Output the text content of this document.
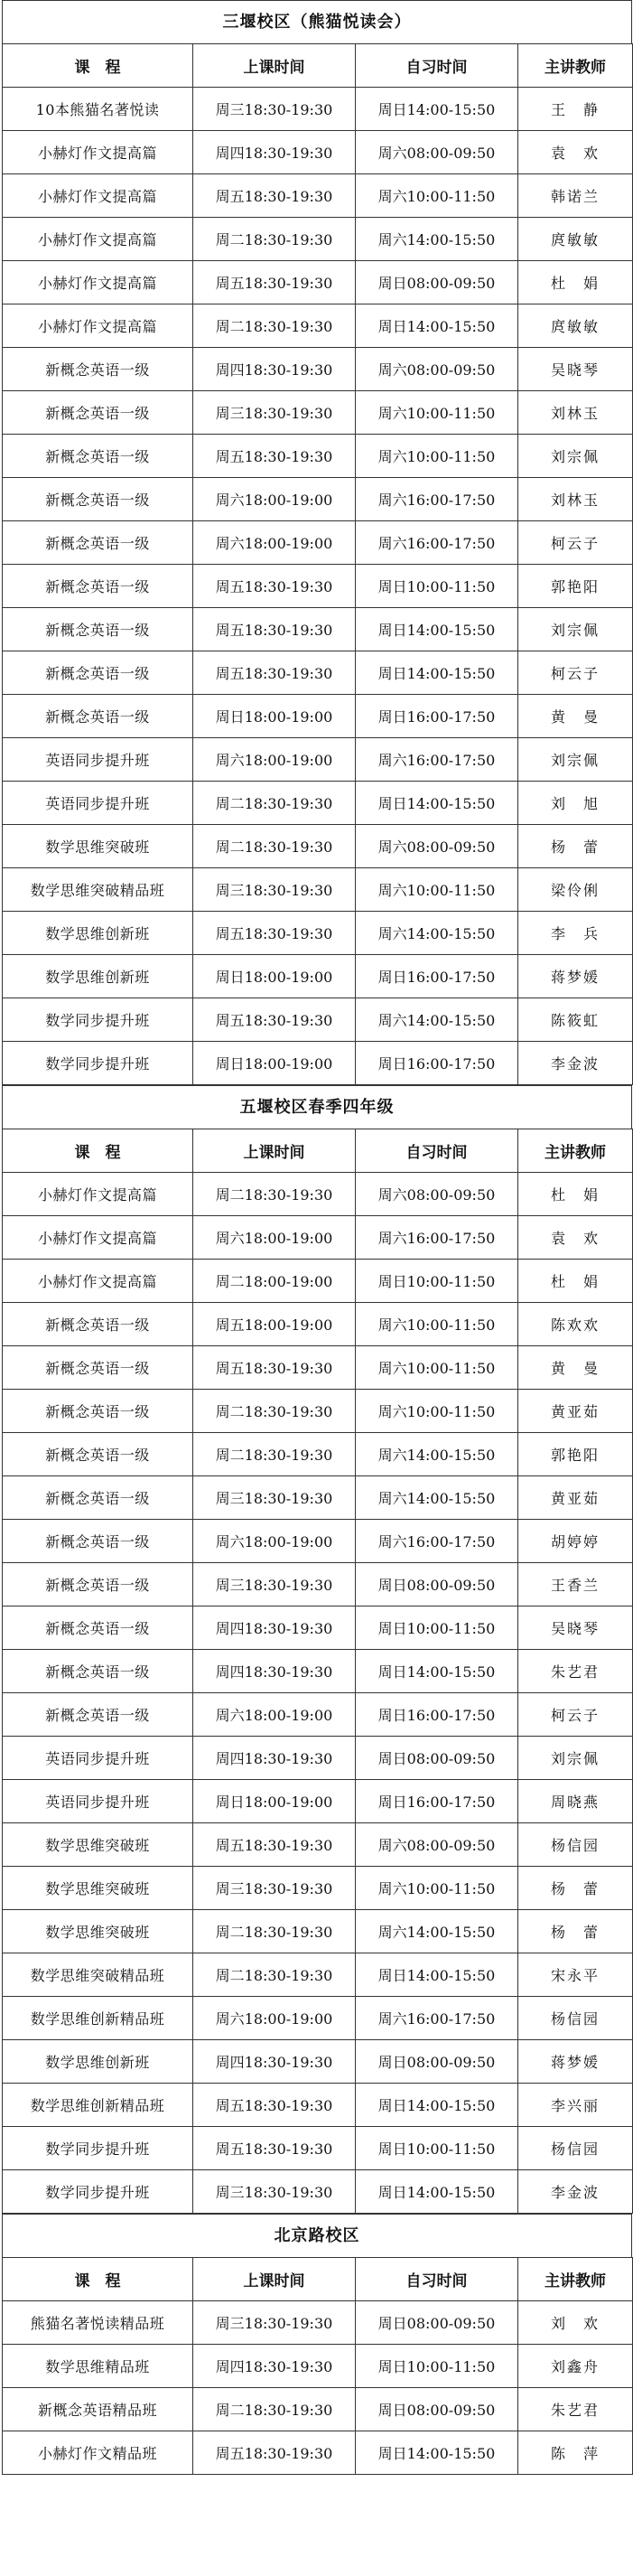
三堰校区（熊猫悦读会）
课　程	上课时间	自习时间	主讲教师
10本熊猫名著悦读	周三18:30-19:30	周日14:00-15:50	王　静
小赫灯作文提高篇	周四18:30-19:30	周六08:00-09:50	袁　欢
小赫灯作文提高篇	周五18:30-19:30	周六10:00-11:50	韩诺兰
小赫灯作文提高篇	周二18:30-19:30	周六14:00-15:50	庹敏敏
小赫灯作文提高篇	周五18:30-19:30	周日08:00-09:50	杜　娟
小赫灯作文提高篇	周二18:30-19:30	周日14:00-15:50	庹敏敏
新概念英语一级	周四18:30-19:30	周六08:00-09:50	吴晓琴
新概念英语一级	周三18:30-19:30	周六10:00-11:50	刘林玉
新概念英语一级	周五18:30-19:30	周六10:00-11:50	刘宗佩
新概念英语一级	周六18:00-19:00	周六16:00-17:50	刘林玉
新概念英语一级	周六18:00-19:00	周六16:00-17:50	柯云子
新概念英语一级	周五18:30-19:30	周日10:00-11:50	郭艳阳
新概念英语一级	周五18:30-19:30	周日14:00-15:50	刘宗佩
新概念英语一级	周五18:30-19:30	周日14:00-15:50	柯云子
新概念英语一级	周日18:00-19:00	周日16:00-17:50	黄　曼
英语同步提升班	周六18:00-19:00	周六16:00-17:50	刘宗佩
英语同步提升班	周二18:30-19:30	周日14:00-15:50	刘　旭
数学思维突破班	周二18:30-19:30	周六08:00-09:50	杨　蕾
数学思维突破精品班	周三18:30-19:30	周六10:00-11:50	梁伶俐
数学思维创新班	周五18:30-19:30	周六14:00-15:50	李　兵
数学思维创新班	周日18:00-19:00	周日16:00-17:50	蒋梦媛
数学同步提升班	周五18:30-19:30	周六14:00-15:50	陈筱虹
数学同步提升班	周日18:00-19:00	周日16:00-17:50	李金波
五堰校区春季四年级
课　程	上课时间	自习时间	主讲教师
小赫灯作文提高篇	周二18:30-19:30	周六08:00-09:50	杜　娟
小赫灯作文提高篇	周六18:00-19:00	周六16:00-17:50	袁　欢
小赫灯作文提高篇	周二18:00-19:00	周日10:00-11:50	杜　娟
新概念英语一级	周五18:00-19:00	周六10:00-11:50	陈欢欢
新概念英语一级	周五18:30-19:30	周六10:00-11:50	黄　曼
新概念英语一级	周二18:30-19:30	周六10:00-11:50	黄亚茹
新概念英语一级	周二18:30-19:30	周六14:00-15:50	郭艳阳
新概念英语一级	周三18:30-19:30	周六14:00-15:50	黄亚茹
新概念英语一级	周六18:00-19:00	周六16:00-17:50	胡婷婷
新概念英语一级	周三18:30-19:30	周日08:00-09:50	王香兰
新概念英语一级	周四18:30-19:30	周日10:00-11:50	吴晓琴
新概念英语一级	周四18:30-19:30	周日14:00-15:50	朱艺君
新概念英语一级	周六18:00-19:00	周日16:00-17:50	柯云子
英语同步提升班	周四18:30-19:30	周日08:00-09:50	刘宗佩
英语同步提升班	周日18:00-19:00	周日16:00-17:50	周晓燕
数学思维突破班	周五18:30-19:30	周六08:00-09:50	杨信园
数学思维突破班	周三18:30-19:30	周六10:00-11:50	杨　蕾
数学思维突破班	周二18:30-19:30	周六14:00-15:50	杨　蕾
数学思维突破精品班	周二18:30-19:30	周日14:00-15:50	宋永平
数学思维创新精品班	周六18:00-19:00	周六16:00-17:50	杨信园
数学思维创新班	周四18:30-19:30	周日08:00-09:50	蒋梦媛
数学思维创新精品班	周五18:30-19:30	周日14:00-15:50	李兴丽
数学同步提升班	周五18:30-19:30	周日10:00-11:50	杨信园
数学同步提升班	周三18:30-19:30	周日14:00-15:50	李金波
北京路校区
课　程	上课时间	自习时间	主讲教师
熊猫名著悦读精品班	周三18:30-19:30	周日08:00-09:50	刘　欢
数学思维精品班	周四18:30-19:30	周日10:00-11:50	刘鑫舟
新概念英语精品班	周二18:30-19:30	周日08:00-09:50	朱艺君
小赫灯作文精品班	周五18:30-19:30	周日14:00-15:50	陈　萍
